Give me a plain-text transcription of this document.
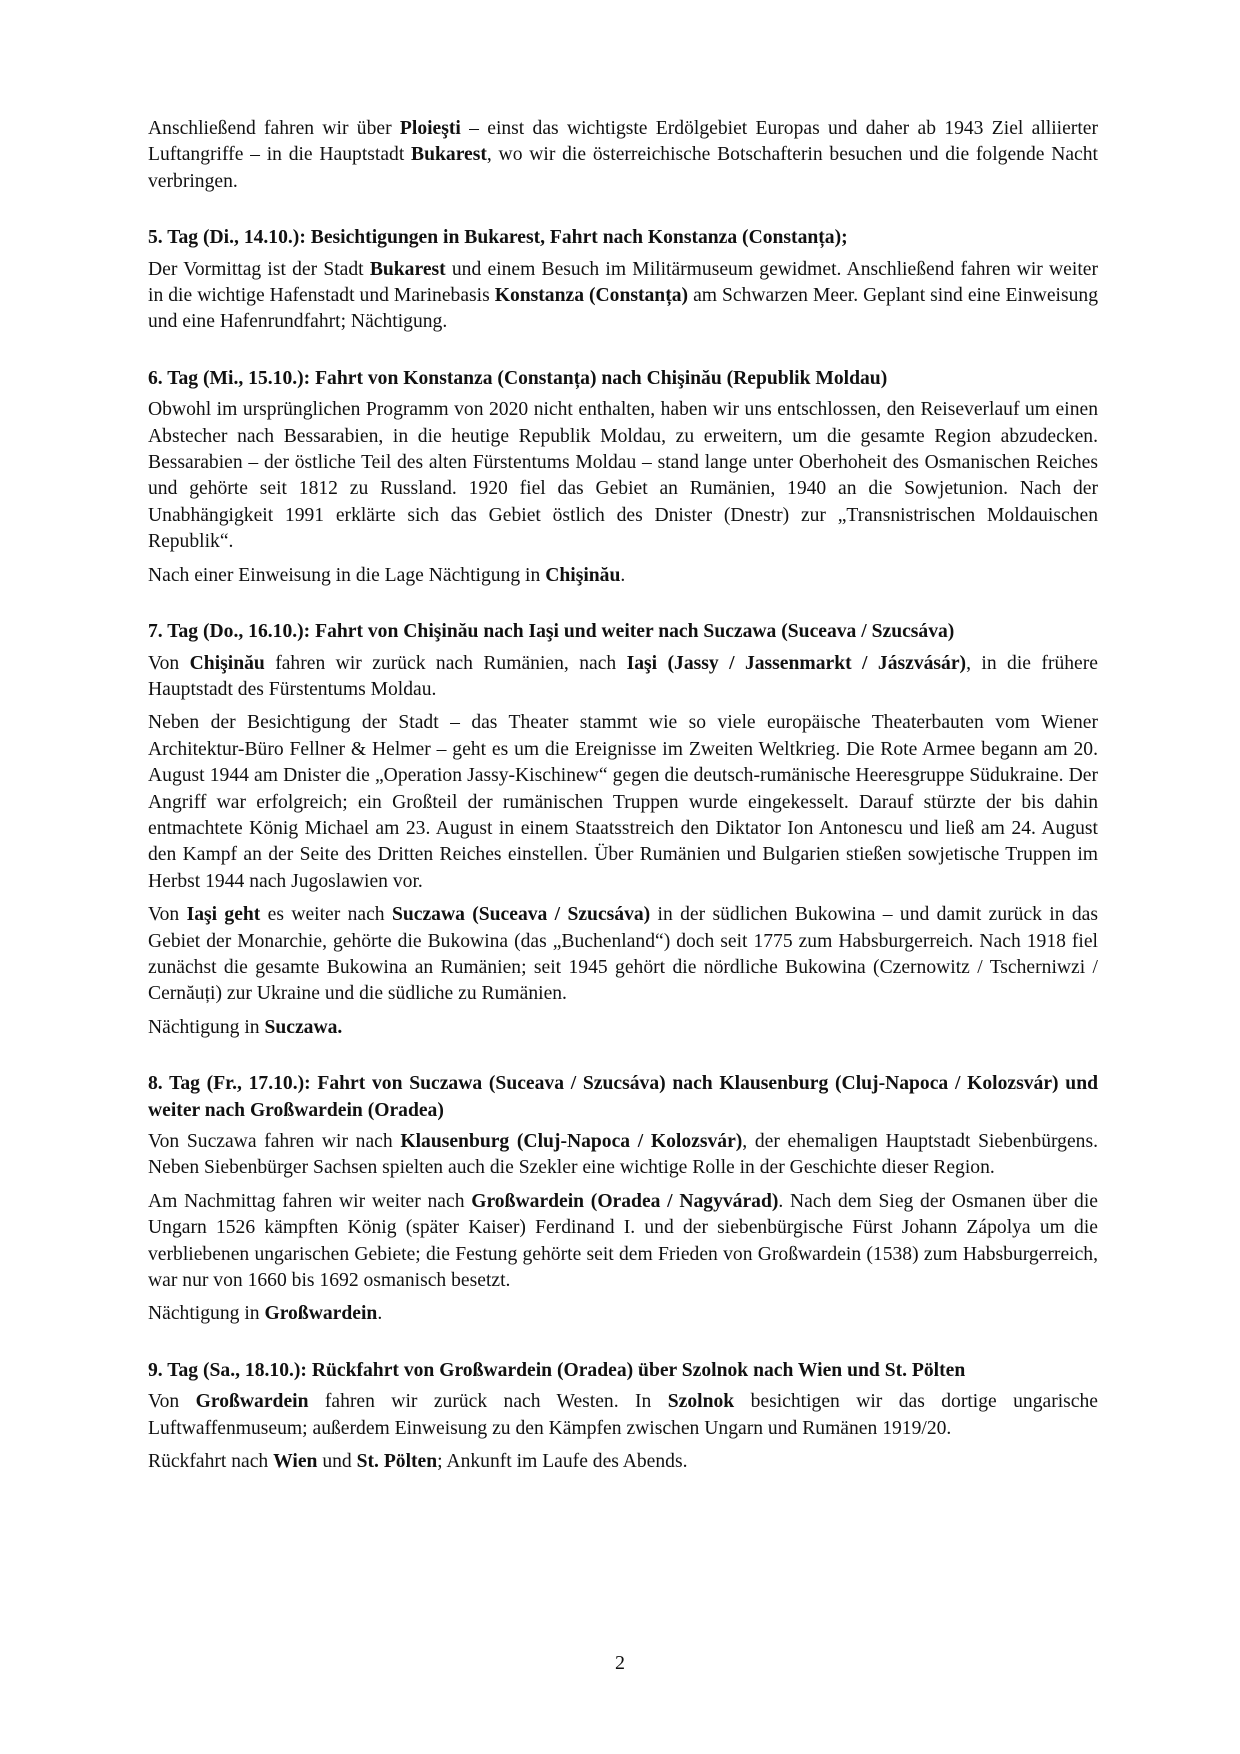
Anschließend fahren wir über Ploieşti – einst das wichtigste Erdölgebiet Europas und daher ab 1943 Ziel alliierter Luftangriffe – in die Hauptstadt Bukarest, wo wir die österreichische Botschafterin besuchen und die folgende Nacht verbringen.

5. Tag (Di., 14.10.): Besichtigungen in Bukarest, Fahrt nach Konstanza (Constanța);

Der Vormittag ist der Stadt Bukarest und einem Besuch im Militärmuseum gewidmet. Anschließend fahren wir weiter in die wichtige Hafenstadt und Marinebasis Konstanza (Constanța) am Schwarzen Meer. Geplant sind eine Einweisung und eine Hafenrundfahrt; Nächtigung.

6. Tag (Mi., 15.10.): Fahrt von Konstanza (Constanța) nach Chişinău (Republik Moldau)

Obwohl im ursprünglichen Programm von 2020 nicht enthalten, haben wir uns entschlossen, den Reiseverlauf um einen Abstecher nach Bessarabien, in die heutige Republik Moldau, zu erweitern, um die gesamte Region abzudecken. Bessarabien – der östliche Teil des alten Fürstentums Moldau – stand lange unter Oberhoheit des Osmanischen Reiches und gehörte seit 1812 zu Russland. 1920 fiel das Gebiet an Rumänien, 1940 an die Sowjetunion. Nach der Unabhängigkeit 1991 erklärte sich das Gebiet östlich des Dnister (Dnestr) zur „Transnistrischen Moldauischen Republik“.

Nach einer Einweisung in die Lage Nächtigung in Chişinău.

7. Tag (Do., 16.10.): Fahrt von Chişinău nach Iaşi und weiter nach Suczawa (Suceava / Szucsáva)

Von Chişinău fahren wir zurück nach Rumänien, nach Iaşi (Jassy / Jassenmarkt / Jászvásár), in die frühere Hauptstadt des Fürstentums Moldau.

Neben der Besichtigung der Stadt – das Theater stammt wie so viele europäische Theaterbauten vom Wiener Architektur-Büro Fellner & Helmer – geht es um die Ereignisse im Zweiten Weltkrieg. Die Rote Armee begann am 20. August 1944 am Dnister die „Operation Jassy-Kischinew“ gegen die deutsch-rumänische Heeresgruppe Südukraine. Der Angriff war erfolgreich; ein Großteil der rumänischen Truppen wurde eingekesselt. Darauf stürzte der bis dahin entmachtete König Michael am 23. August in einem Staatsstreich den Diktator Ion Antonescu und ließ am 24. August den Kampf an der Seite des Dritten Reiches einstellen. Über Rumänien und Bulgarien stießen sowjetische Truppen im Herbst 1944 nach Jugoslawien vor.

Von Iaşi geht es weiter nach Suczawa (Suceava / Szucsáva) in der südlichen Bukowina – und damit zurück in das Gebiet der Monarchie, gehörte die Bukowina (das „Buchenland“) doch seit 1775 zum Habsburgerreich. Nach 1918 fiel zunächst die gesamte Bukowina an Rumänien; seit 1945 gehört die nördliche Bukowina (Czernowitz / Tscherniwzi / Cernăuți) zur Ukraine und die südliche zu Rumänien.

Nächtigung in Suczawa.

8. Tag (Fr., 17.10.): Fahrt von Suczawa (Suceava / Szucsáva) nach Klausenburg (Cluj-Napoca / Kolozsvár) und weiter nach Großwardein (Oradea)

Von Suczawa fahren wir nach Klausenburg (Cluj-Napoca / Kolozsvár), der ehemaligen Hauptstadt Siebenbürgens. Neben Siebenbürger Sachsen spielten auch die Szekler eine wichtige Rolle in der Geschichte dieser Region.

Am Nachmittag fahren wir weiter nach Großwardein (Oradea / Nagyvárad). Nach dem Sieg der Osmanen über die Ungarn 1526 kämpften König (später Kaiser) Ferdinand I. und der siebenbürgische Fürst Johann Zápolya um die verbliebenen ungarischen Gebiete; die Festung gehörte seit dem Frieden von Großwardein (1538) zum Habsburgerreich, war nur von 1660 bis 1692 osmanisch besetzt.

Nächtigung in Großwardein.

9. Tag (Sa., 18.10.): Rückfahrt von Großwardein (Oradea) über Szolnok nach Wien und St. Pölten

Von Großwardein fahren wir zurück nach Westen. In Szolnok besichtigen wir das dortige ungarische Luftwaffenmuseum; außerdem Einweisung zu den Kämpfen zwischen Ungarn und Rumänen 1919/20.

Rückfahrt nach Wien und St. Pölten; Ankunft im Laufe des Abends.

2
